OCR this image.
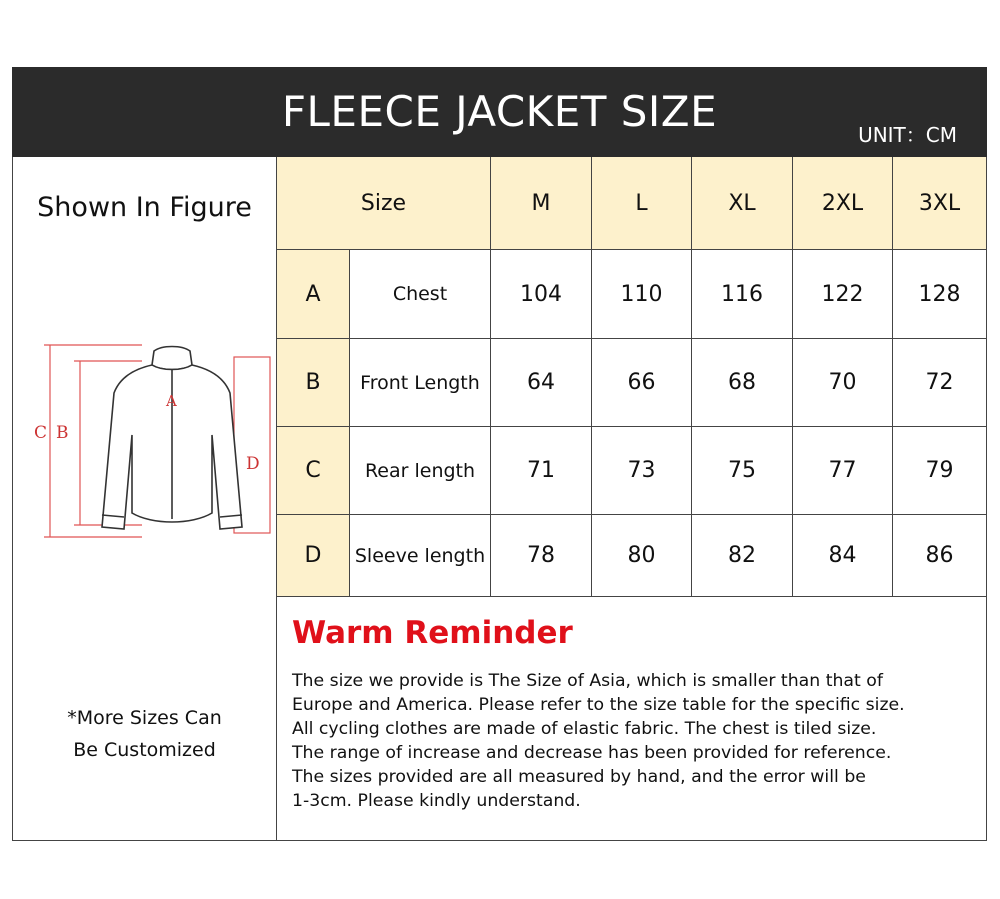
FLEECE JACKET SIZE	UNIT：CM
Shown In Figure
C B
A
D
*More Sizes Can
Be Customized
Size	M	L	XL	2XL	3XL
A	Chest	104	110	116	122	128
B	Front Length	64	66	68	70	72
C	Rear length	71	73	75	77	79
D	Sleeve length	78	80	82	84	86
Warm Reminder
The size we provide is The Size of Asia, which is smaller than that of
Europe and America. Please refer to the size table for the specific size.
All cycling clothes are made of elastic fabric. The chest is tiled size.
The range of increase and decrease has been provided for reference.
The sizes provided are all measured by hand, and the error will be
1-3cm. Please kindly understand.
